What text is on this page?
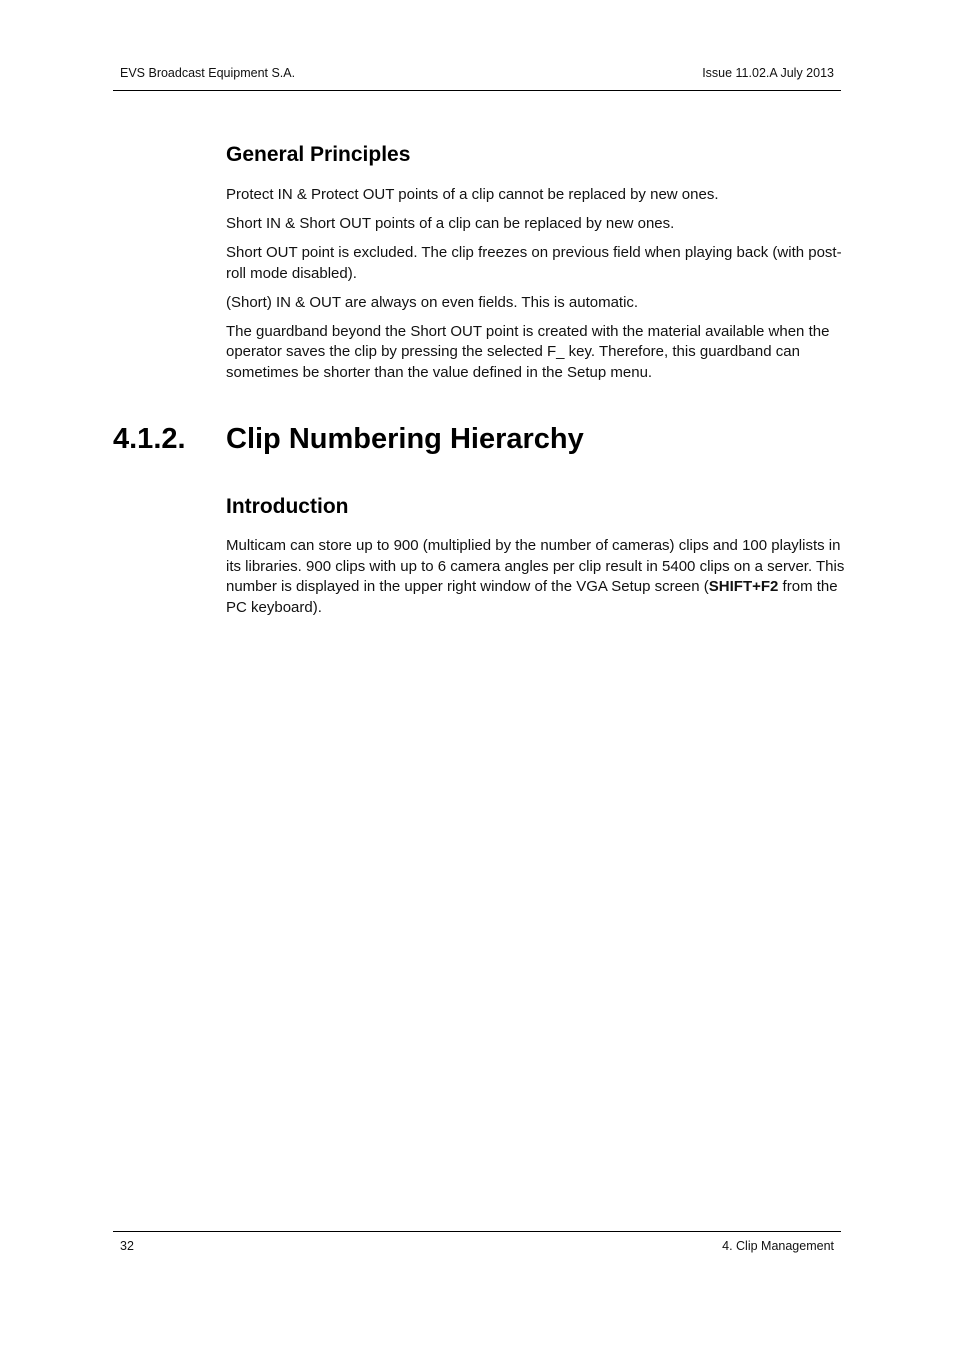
EVS Broadcast Equipment S.A.	Issue 11.02.A July 2013
General Principles

Protect IN & Protect OUT points of a clip cannot be replaced by new ones.

Short IN & Short OUT points of a clip can be replaced by new ones.

Short OUT point is excluded. The clip freezes on previous field when playing back (with post-roll mode disabled).

(Short) IN & OUT are always on even fields. This is automatic.

The guardband beyond the Short OUT point is created with the material available when the operator saves the clip by pressing the selected F_ key. Therefore, this guardband can sometimes be shorter than the value defined in the Setup menu.

4.1.2. Clip Numbering Hierarchy
Introduction

Multicam can store up to 900 (multiplied by the number of cameras) clips and 100 playlists in its libraries. 900 clips with up to 6 camera angles per clip result in 5400 clips on a server. This number is displayed in the upper right window of the VGA Setup screen (SHIFT+F2 from the PC keyboard).

32	4. Clip Management
